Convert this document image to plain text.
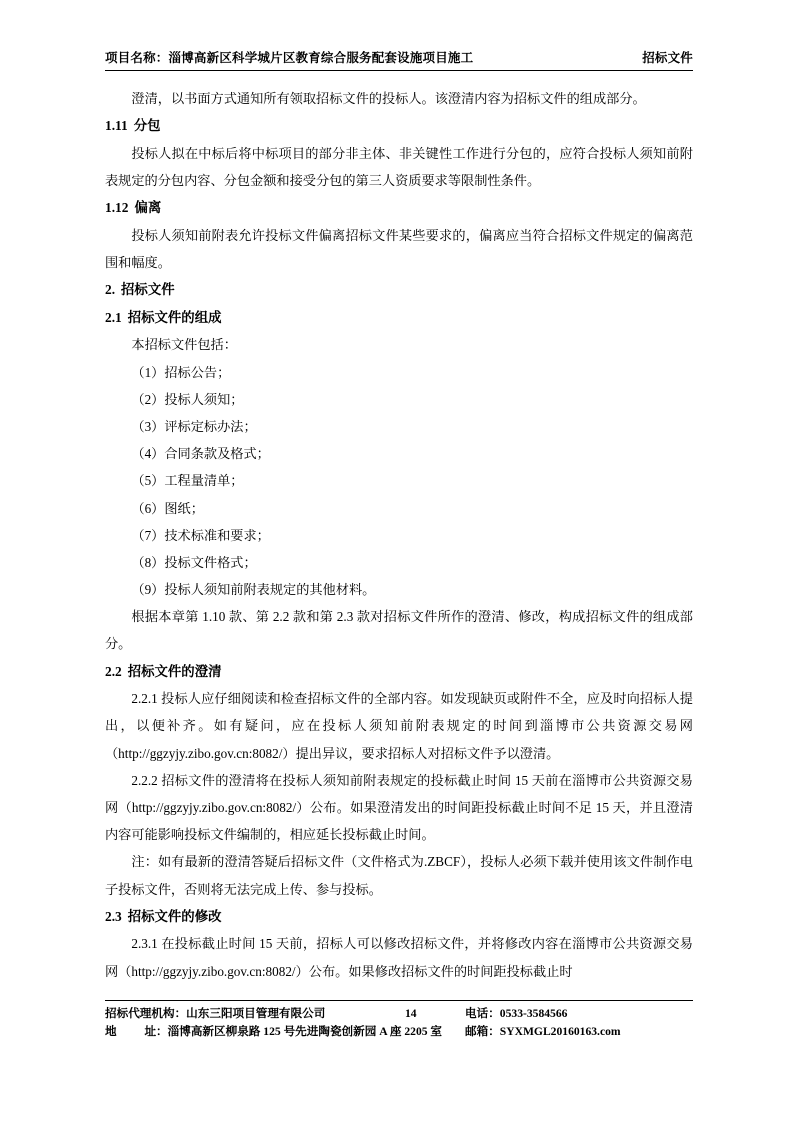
项目名称：淄博高新区科学城片区教育综合服务配套设施项目施工	招标文件

澄清，以书面方式通知所有领取招标文件的投标人。该澄清内容为招标文件的组成部分。

1.11 分包

投标人拟在中标后将中标项目的部分非主体、非关键性工作进行分包的，应符合投标人须知前附表规定的分包内容、分包金额和接受分包的第三人资质要求等限制性条件。

1.12 偏离

投标人须知前附表允许投标文件偏离招标文件某些要求的，偏离应当符合招标文件规定的偏离范围和幅度。

2. 招标文件

2.1 招标文件的组成

本招标文件包括：

（1）招标公告；

（2）投标人须知；

（3）评标定标办法；

（4）合同条款及格式；

（5）工程量清单；

（6）图纸；

（7）技术标准和要求；

（8）投标文件格式；

（9）投标人须知前附表规定的其他材料。

根据本章第 1.10 款、第 2.2 款和第 2.3 款对招标文件所作的澄清、修改，构成招标文件的组成部分。

2.2 招标文件的澄清

2.2.1 投标人应仔细阅读和检查招标文件的全部内容。如发现缺页或附件不全，应及时向招标人提出，以便补齐。如有疑问，应在投标人须知前附表规定的时间到淄博市公共资源交易网（http://ggzyjy.zibo.gov.cn:8082/）提出异议，要求招标人对招标文件予以澄清。

2.2.2 招标文件的澄清将在投标人须知前附表规定的投标截止时间 15 天前在淄博市公共资源交易网（http://ggzyjy.zibo.gov.cn:8082/）公布。如果澄清发出的时间距投标截止时间不足 15 天，并且澄清内容可能影响投标文件编制的，相应延长投标截止时间。

注：如有最新的澄清答疑后招标文件（文件格式为.ZBCF），投标人必须下载并使用该文件制作电子投标文件，否则将无法完成上传、参与投标。

2.3 招标文件的修改

2.3.1 在投标截止时间 15 天前，招标人可以修改招标文件，并将修改内容在淄博市公共资源交易网（http://ggzyjy.zibo.gov.cn:8082/）公布。如果修改招标文件的时间距投标截止时

招标代理机构：山东三阳项目管理有限公司	14	电话：0533-3584566
地 址：淄博高新区柳泉路 125 号先进陶瓷创新园 A 座 2205 室 邮箱：SYXMGL20160163.com
